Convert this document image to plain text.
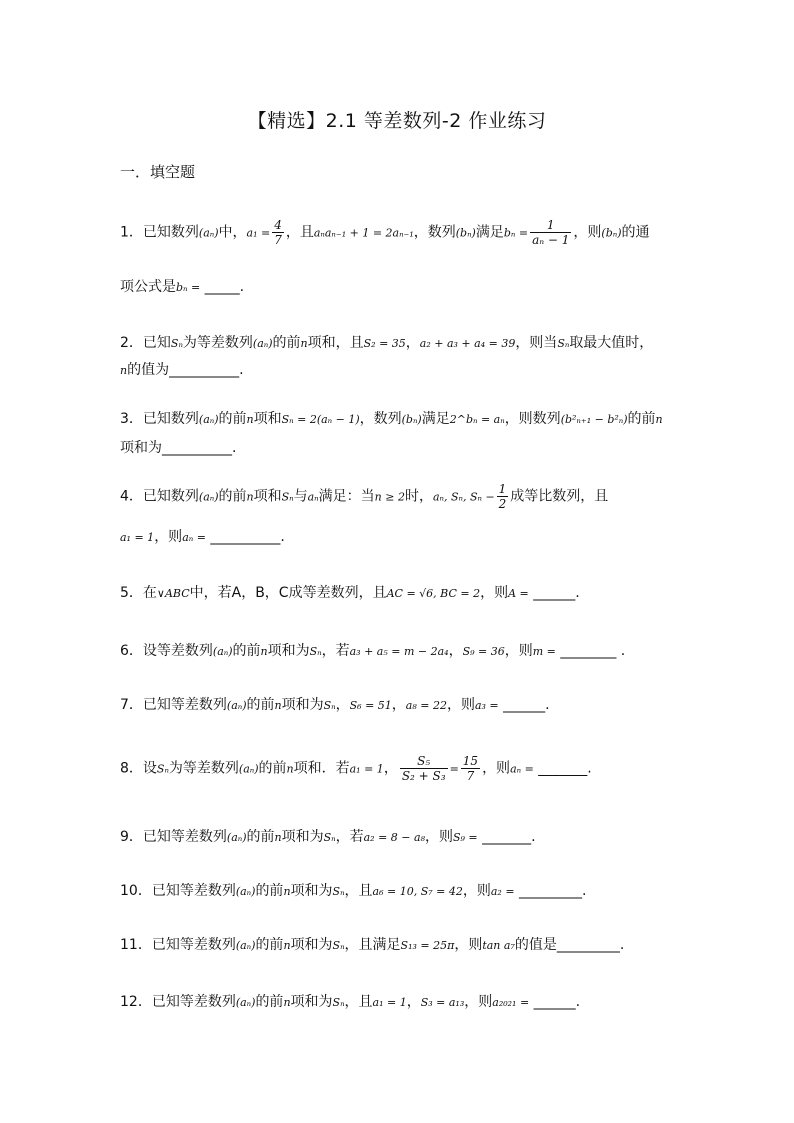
【精选】2.1 等差数列-2 作业练习
一．填空题
1．已知数列(aₙ)中，$a_1 = \frac{4}{7}$ ，且aₙaₙ₋₁ + 1 = 2aₙ₋₁，数列(bₙ)满足$b_n = \frac{1}{\text{aₙ − 1}}$ ，则(bₙ)的通
项公式是bₙ = _____.
2．已知Sₙ为等差数列(aₙ)的前n项和，且S₂ = 35，a₂ + a₃ + a₄ = 39，则当Sₙ取最大值时，
n的值为__________.
3．已知数列(aₙ)的前n项和Sₙ = 2(aₙ − 1)，数列(bₙ)满足2^bₙ = aₙ，则数列(b²ₙ₊₁ − b²ₙ)的前n
项和为__________.
4．已知数列(aₙ)的前n项和Sₙ与aₙ满足：当n ≥ 2时，aₙ, Sₙ, $S_n - \frac{1}{2}$ 成等比数列，且
a₁ = 1，则aₙ = __________.
5．在∨ABC中，若A，B，C成等差数列，且AC = √6, BC = 2，则A = ______.
6．设等差数列(aₙ)的前n项和为Sₙ，若a₃ + a₅ = m − 2a₄，S₉ = 36，则m = ________ .
7．已知等差数列(aₙ)的前n项和为Sₙ，S₆ = 51，a₈ = 22，则a₃ = ______.
8．设Sₙ为等差数列(aₙ)的前n项和．若a₁ = 1， $\frac{\text{S₅}}{\text{S₂ + S₃}} = \frac{15}{7}$ ，则aₙ = _______.
9．已知等差数列(aₙ)的前n项和为Sₙ，若a₂ = 8 − a₈，则S₉ = _______.
10．已知等差数列(aₙ)的前n项和为Sₙ，且a₆ = 10, S₇ = 42，则a₂ = _________.
11．已知等差数列(aₙ)的前n项和为Sₙ，且满足S₁₃ = 25π，则tan a₇的值是_________.
12．已知等差数列(aₙ)的前n项和为Sₙ，且a₁ = 1，S₃ = a₁₃，则a₂₀₂₁ = ______.
